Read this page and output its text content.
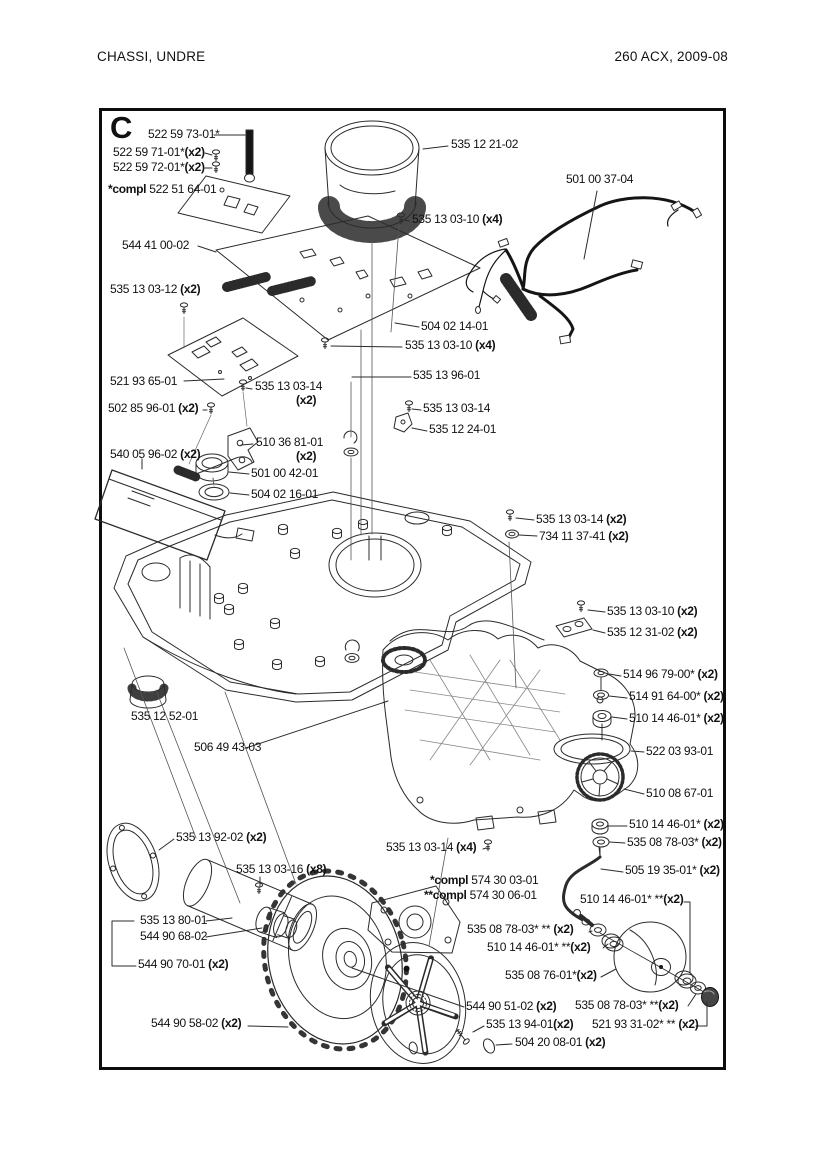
CHASSI, UNDRE	260 ACX, 2009-08
C 522 59 73-01*
522 59 71-01*(x2)
522 59 72-01*(x2)
*compl 522 51 64-01
544 41 00-02
535 12 21-02
501 00 37-04
535 13 03-10 (x4)
535 13 03-12 (x2)
504 02 14-01
535 13 03-10 (x4)
521 93 65-01	535 13 03-14
(x2)
502 85 96-01 (x2)
535 13 96-01
535 13 03-14
535 12 24-01
510 36 81-01
(x2)
540 05 96-02 (x2)
501 00 42-01
504 02 16-01
535 13 03-14 (x2)
734 11 37-41 (x2)
535 13 03-10 (x2)
535 12 31-02 (x2)
514 96 79-00* (x2)
514 91 64-00* (x2)
510 14 46-01* (x2)
522 03 93-01
510 08 67-01
535 12 52-01
506 49 43-03
535 13 92-02 (x2)
535 13 03-16 (x8)
535 13 80-01
544 90 68-02
544 90 70-01 (x2)
535 13 03-14 (x4)
510 14 46-01* (x2)
535 08 78-03* (x2)
505 19 35-01* (x2)
*compl 574 30 03-01
**compl 574 30 06-01	510 14 46-01* **(x2)
535 08 78-03* ** (x2)
510 14 46-01* **(x2)
535 08 76-01*(x2)
544 90 51-02 (x2) 535 08 78-03* **(x2)
535 13 94-01(x2) 521 93 31-02* ** (x2)
504 20 08-01 (x2)
544 90 58-02 (x2)
